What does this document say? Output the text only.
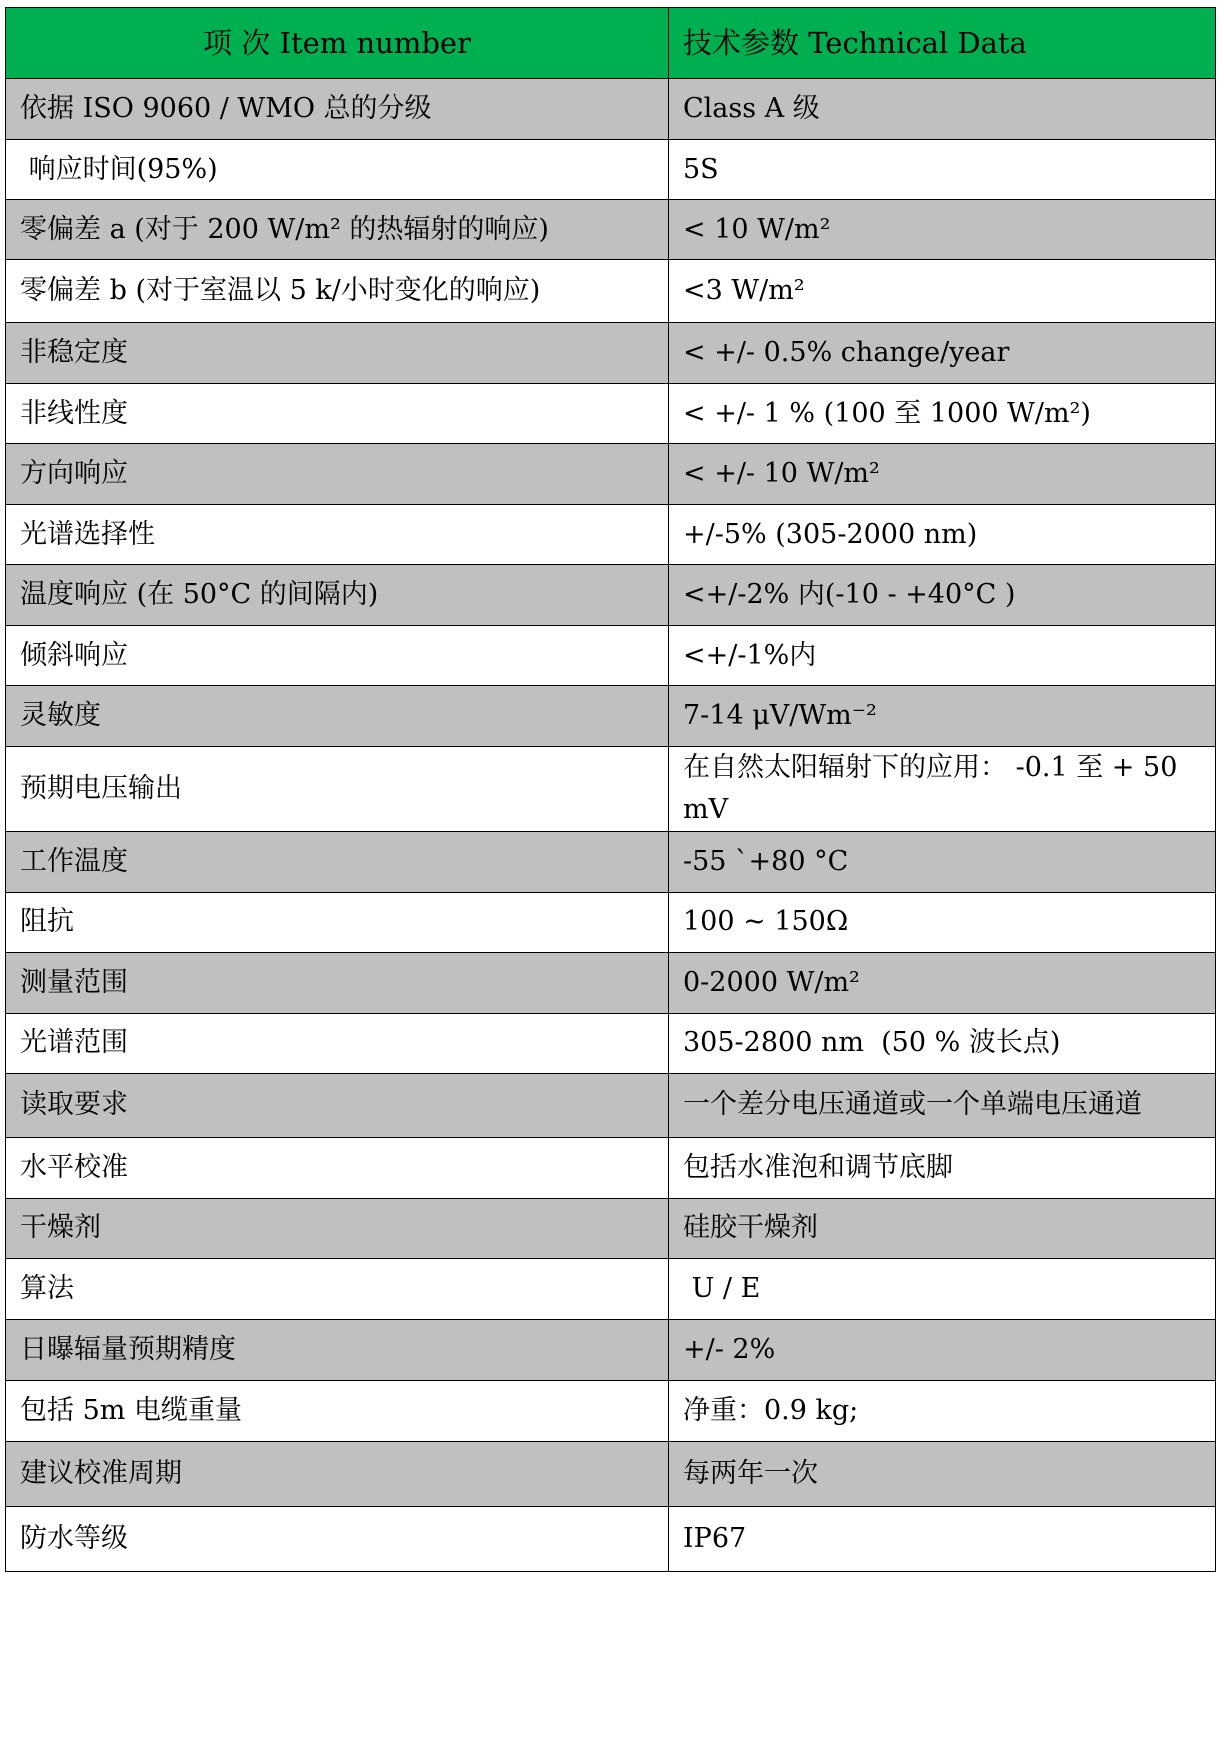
项 次 Item number	技术参数 Technical Data
依据 ISO 9060 / WMO 总的分级	Class A 级
响应时间(95%)	5S
零偏差 a (对于 200 W/m² 的热辐射的响应)	< 10 W/m²
零偏差 b (对于室温以 5 k/小时变化的响应)	<3 W/m²
非稳定度	< +/- 0.5% change/year
非线性度	< +/- 1 % (100 至 1000 W/m²)
方向响应	< +/- 10 W/m²
光谱选择性	+/-5% (305-2000 nm)
温度响应 (在 50°C 的间隔内)	<+/-2% 内(-10 - +40°C )
倾斜响应	<+/-1%内
灵敏度	7-14 μV/Wm⁻²
预期电压输出	在自然太阳辐射下的应用： -0.1 至 + 50 mV
工作温度	-55 `+80 °C
阻抗	100 ~ 150Ω
测量范围	0-2000 W/m²
光谱范围	305-2800 nm  (50 % 波长点)
读取要求	一个差分电压通道或一个单端电压通道
水平校准	包括水准泡和调节底脚
干燥剂	硅胶干燥剂
算法	U / E
日曝辐量预期精度	+/- 2%
包括 5m 电缆重量	净重：0.9 kg;
建议校准周期	每两年一次
防水等级	IP67
